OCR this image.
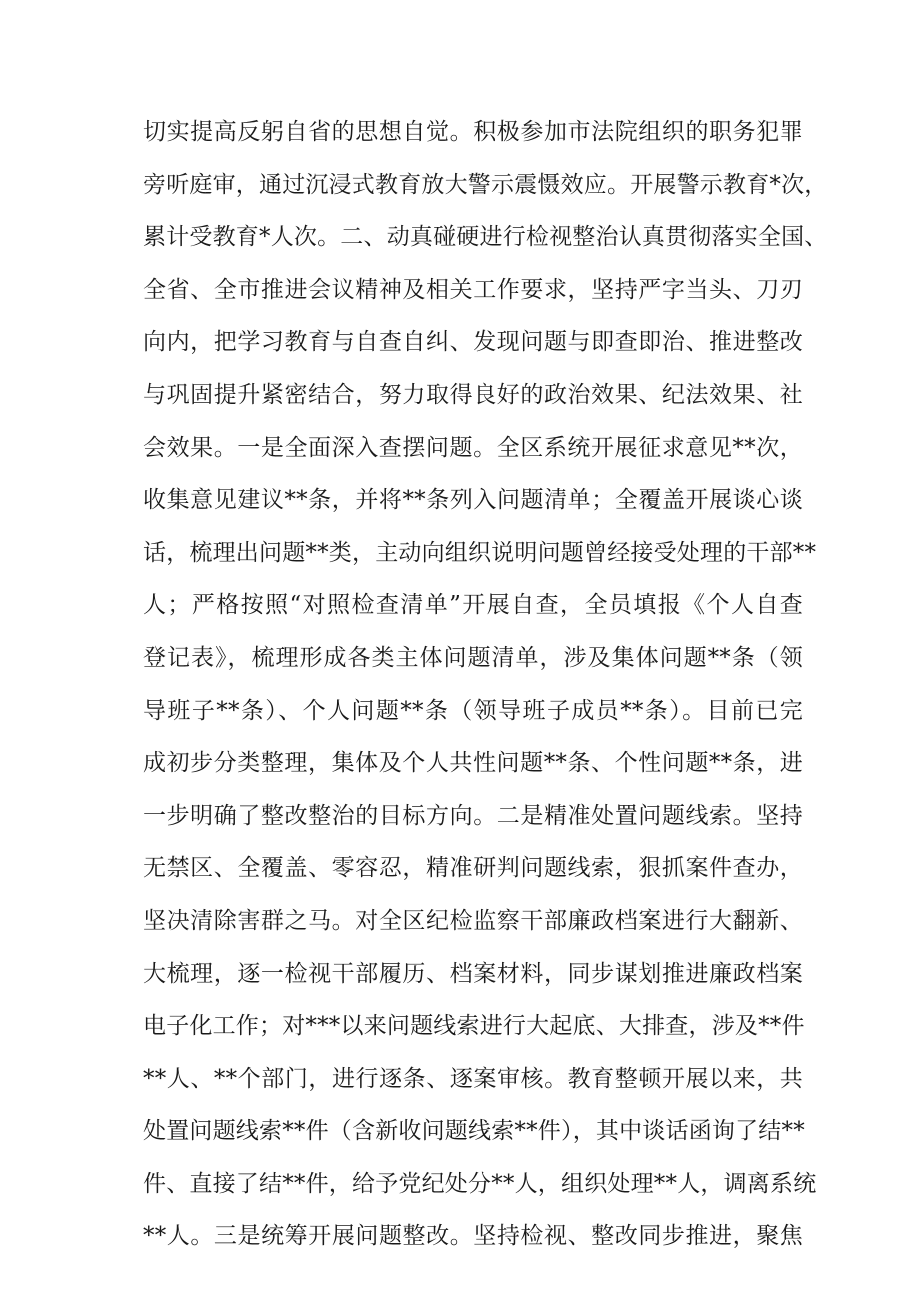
切实提高反躬自省的思想自觉。积极参加市法院组织的职务犯罪
旁听庭审，通过沉浸式教育放大警示震慑效应。开展警示教育*次，
累计受教育*人次。二、动真碰硬进行检视整治认真贯彻落实全国、
全省、全市推进会议精神及相关工作要求，坚持严字当头、刀刃
向内，把学习教育与自查自纠、发现问题与即查即治、推进整改
与巩固提升紧密结合，努力取得良好的政治效果、纪法效果、社
会效果。一是全面深入查摆问题。全区系统开展征求意见**次，
收集意见建议**条，并将**条列入问题清单；全覆盖开展谈心谈
话，梳理出问题**类，主动向组织说明问题曾经接受处理的干部**
人；严格按照“对照检查清单”开展自查，全员填报《个人自查
登记表》，梳理形成各类主体问题清单，涉及集体问题**条（领
导班子**条）、个人问题**条（领导班子成员**条）。目前已完
成初步分类整理，集体及个人共性问题**条、个性问题**条，进
一步明确了整改整治的目标方向。二是精准处置问题线索。坚持
无禁区、全覆盖、零容忍，精准研判问题线索，狠抓案件查办，
坚决清除害群之马。对全区纪检监察干部廉政档案进行大翻新、
大梳理，逐一检视干部履历、档案材料，同步谋划推进廉政档案
电子化工作；对***以来问题线索进行大起底、大排查，涉及**件
**人、**个部门，进行逐条、逐案审核。教育整顿开展以来，共
处置问题线索**件（含新收问题线索**件），其中谈话函询了结**
件、直接了结**件，给予党纪处分**人，组织处理**人，调离系统
**人。三是统筹开展问题整改。坚持检视、整改同步推进，聚焦
